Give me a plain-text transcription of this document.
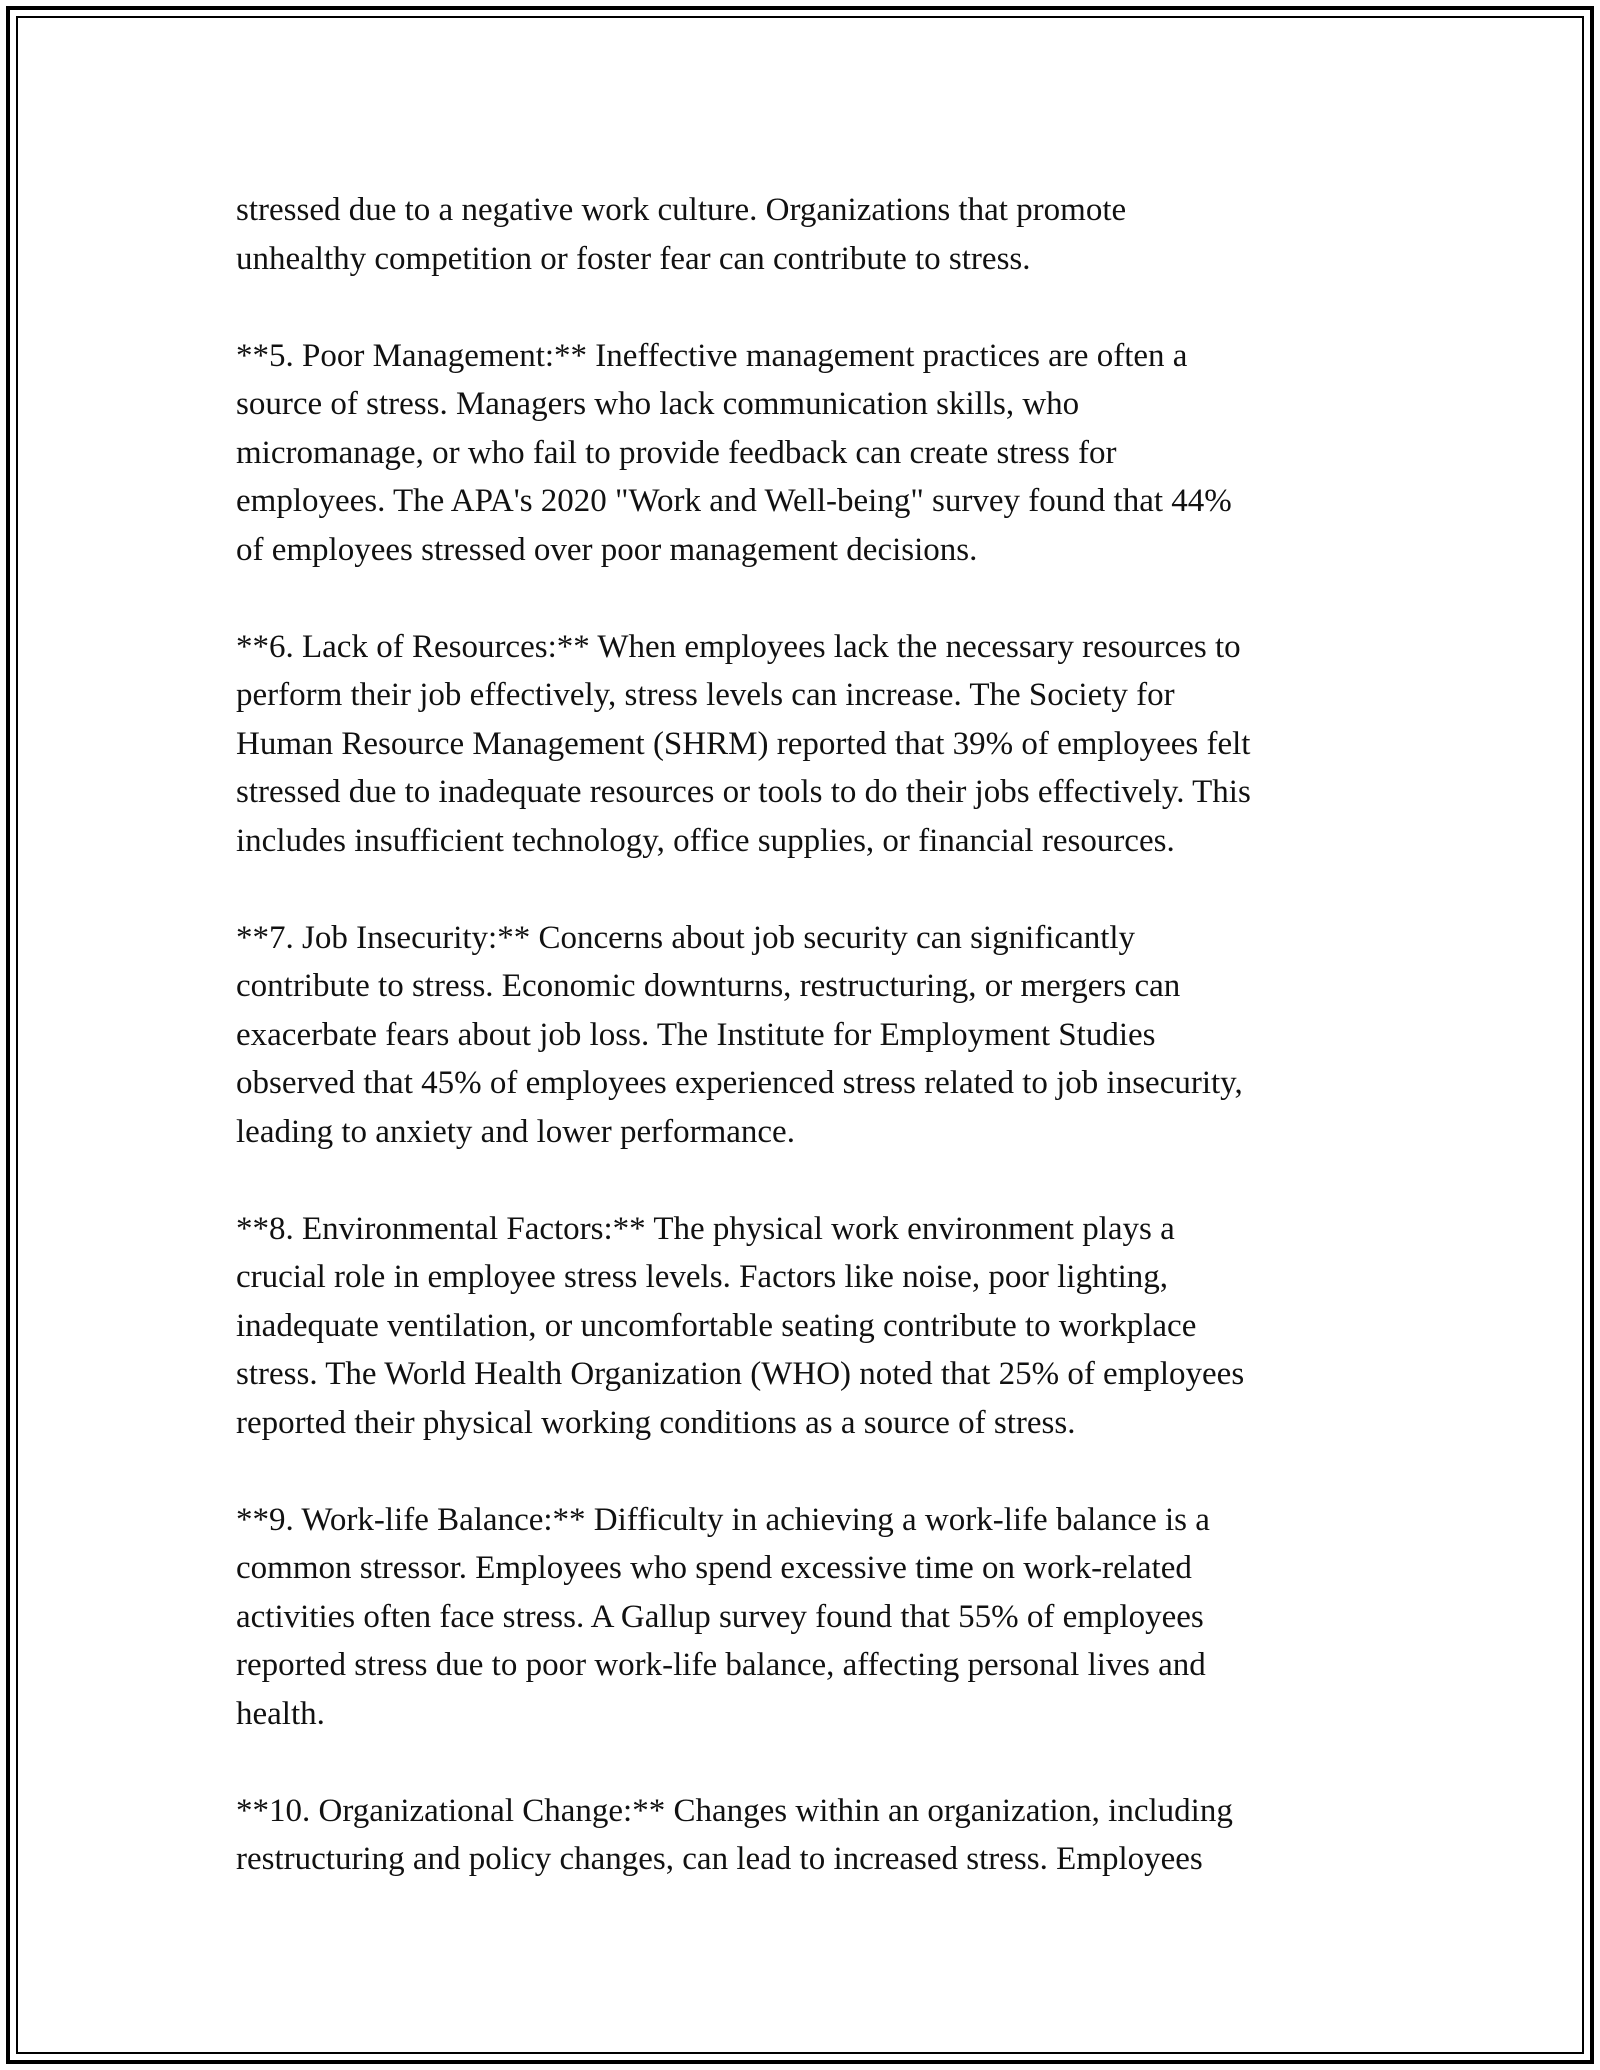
stressed due to a negative work culture. Organizations that promote
unhealthy competition or foster fear can contribute to stress.

**5. Poor Management:** Ineffective management practices are often a
source of stress. Managers who lack communication skills, who
micromanage, or who fail to provide feedback can create stress for
employees. The APA's 2020 "Work and Well-being" survey found that 44%
of employees stressed over poor management decisions.

**6. Lack of Resources:** When employees lack the necessary resources to
perform their job effectively, stress levels can increase. The Society for
Human Resource Management (SHRM) reported that 39% of employees felt
stressed due to inadequate resources or tools to do their jobs effectively. This
includes insufficient technology, office supplies, or financial resources.

**7. Job Insecurity:** Concerns about job security can significantly
contribute to stress. Economic downturns, restructuring, or mergers can
exacerbate fears about job loss. The Institute for Employment Studies
observed that 45% of employees experienced stress related to job insecurity,
leading to anxiety and lower performance.

**8. Environmental Factors:** The physical work environment plays a
crucial role in employee stress levels. Factors like noise, poor lighting,
inadequate ventilation, or uncomfortable seating contribute to workplace
stress. The World Health Organization (WHO) noted that 25% of employees
reported their physical working conditions as a source of stress.

**9. Work-life Balance:** Difficulty in achieving a work-life balance is a
common stressor. Employees who spend excessive time on work-related
activities often face stress. A Gallup survey found that 55% of employees
reported stress due to poor work-life balance, affecting personal lives and
health.

**10. Organizational Change:** Changes within an organization, including
restructuring and policy changes, can lead to increased stress. Employees
